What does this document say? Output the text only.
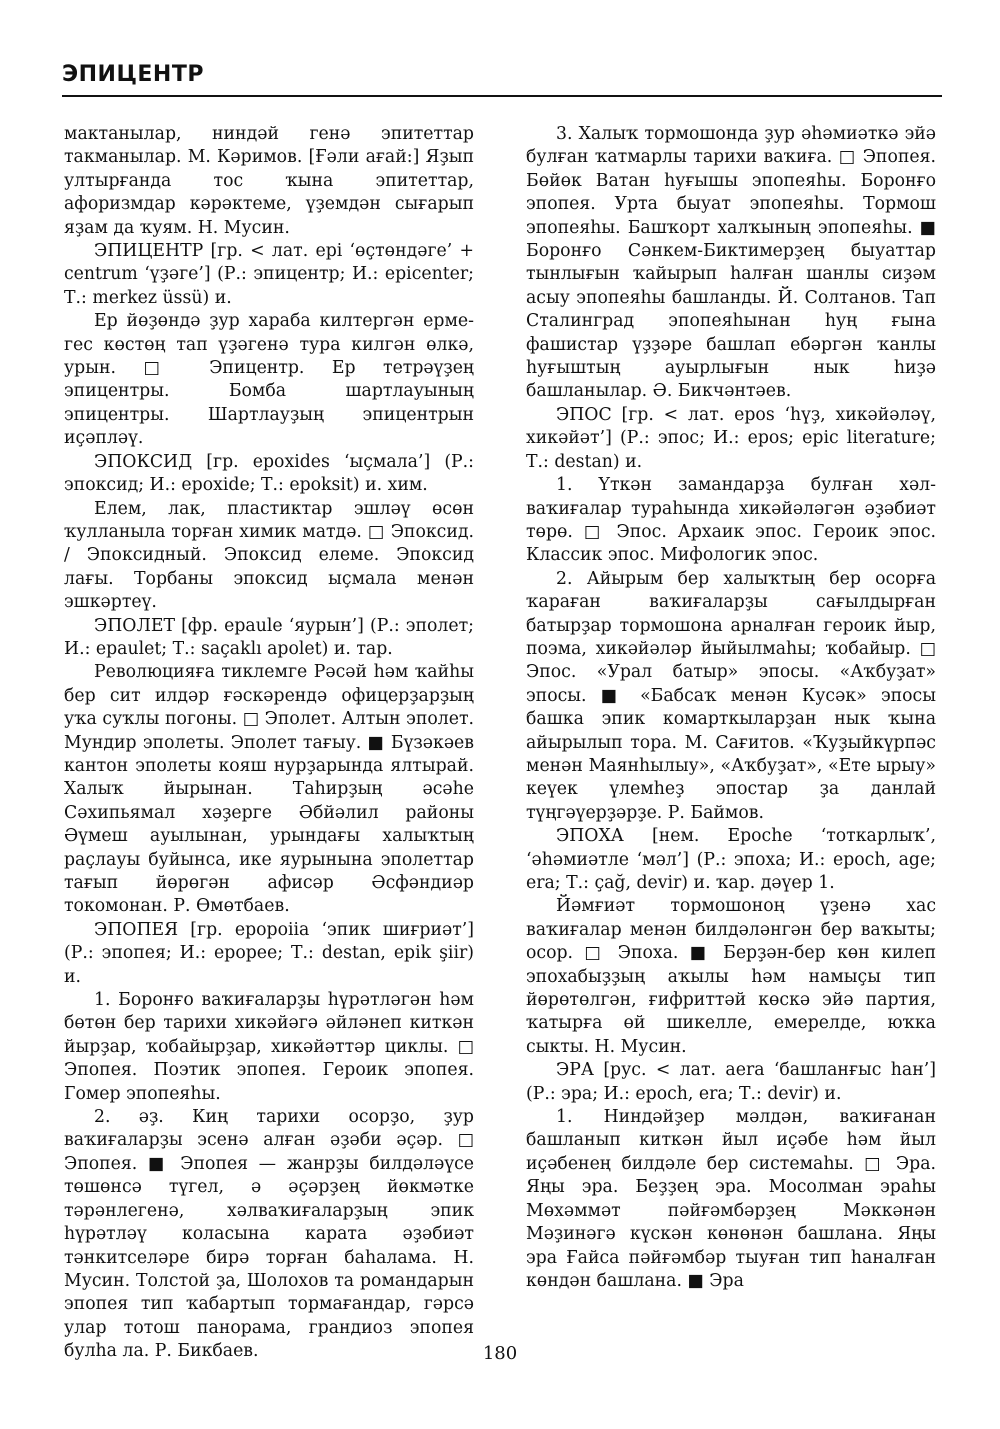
ЭПИЦЕНТР

мактанылар, ниндәй генә эпитеттар такманылар. М. Кәримов. [Ғәли ағай:] Яҙып ултырғанда тос ҡына эпитеттар, афоризмдар кәрәктеме, үҙемдән сығарып яҙам да ҡуям. Н. Мусин.

ЭПИЦЕНТР [гр. < лат. epi ‘өҫтөндәге’ + centrum ‘үҙәге’] (Р.: эпицентр; И.: epicenter; Т.: merkez üssü) и.

Ер йөҙөндә ҙур хараба килтергән ермегес көстөң тап үҙәгенә тура килгән өлкә, урын. □ Эпицентр. Ер тетрәүҙең эпицентры. Бомба шартлауының эпицентры. Шартлауҙың эпицентрын иҫәпләү.

ЭПОКСИД [гр. epoxides ‘ыҫмала’] (Р.: эпоксид; И.: epoxide; Т.: epoksit) и. хим.

Елем, лак, пластиктар эшләү өсөн ҡулланыла торған химик матдә. □ Эпоксид. / Эпоксидный. Эпоксид елеме. Эпоксид лағы. Торбаны эпоксид ыҫмала менән эшкәртеү.

ЭПОЛЕТ [фр. epaule ‘яурын’] (Р.: эполет; И.: epaulet; Т.: saçaklı apolet) и. тар.

Революцияға тиклемге Рәсәй һәм ҡайһы бер сит илдәр ғәскәрендә офицерҙарҙың уҡа суҡлы погоны. □ Эполет. Алтын эполет. Мундир эполеты. Эполет тағыу. ■ Бүзәкәев кантон эполеты кояш нурҙарында ялтырай. Халыҡ йырынан. Таһирҙың әсәһе Сәхипьямал хәҙерге Әбйәлил районы Әүмеш ауылынан, урындағы халыҡтың раҫлауы буйынса, ике яурынына эполеттар тағып йөрөгән афисәр Әсфәндиәр токомонан. Р. Өмөтбаев.

ЭПОПЕЯ [гр. epopoiia ‘эпик шиғриәт’] (Р.: эпопея; И.: epopee; Т.: destan, epik şiir) и.

1. Боронғо ваҡиғаларҙы һүрәтләгән һәм бөтөн бер тарихи хикәйәгә әйләнеп киткән йырҙар, ҡобайырҙар, хикәйәттәр циклы. □ Эпопея. Поэтик эпопея. Героик эпопея. Гомер эпопеяһы.

2. әҙ. Киң тарихи осорҙо, ҙур ваҡиғаларҙы эсенә алған әҙәби әҫәр. □ Эпопея. ■ Эпопея — жанрҙы билдәләүсе төшөнсә түгел, ә әҫәрҙең йөкмәтке тәрәнлегенә, хәлваҡиғаларҙың эпик һүрәтләү колаcына карата әҙәбиәт тәнкитселәре бирә торған баһалама. Н. Мусин. Толстой ҙа, Шолохов та романдарын эпопея тип ҡабартып тормағандар, гәрсә улар тотош панорама, грандиоз эпопея булһа ла. Р. Бикбаев.

3. Халыҡ тормошонда ҙур әһәмиәткә эйә булған ҡатмарлы тарихи ваҡиға. □ Эпопея. Бөйөк Ватан һуғышы эпопеяһы. Боронғо эпопея. Урта быуат эпопеяһы. Тормош эпопеяһы. Башҡорт халҡының эпопеяһы. ■ Боронғо Сәнкем-Биктимерҙең быуаттар тынлығын ҡайырып һалған шанлы сиҙәм асыу эпопеяһы башланды. Й. Солтанов. Тап Сталинград эпопеяһынан һуң ғына фашистар үҙҙәре башлап ебәргән ҡанлы һуғыштың ауырлығын нык һиҙә башланылар. Ә. Бикчәнтәев.

ЭПОС [гр. < лат. epos ‘һүҙ, хикәйәләү, хикәйәт’] (Р.: эпос; И.: epos; epic literature; Т.: destan) и.

1. Үткән замандарҙа булған хәл-ваҡиғалар тураһында хикәйәләгән әҙәбиәт төрө. □ Эпос. Архаик эпос. Героик эпос. Классик эпос. Мифологик эпос.

2. Айырым бер халыҡтың бер осорға ҡараған ваҡиғаларҙы сағылдырған батырҙар тормошона арналған героик йыр, поэма, хикәйәләр йыйылмаһы; ҡобайыр. □ Эпос. «Урал батыр» эпосы. «Аҡбуҙат» эпосы. ■ «Бабсаҡ менән Кусәк» эпосы башка эпик комарткыларҙан нык ҡына айырылып тора. М. Сағитов. «Ҡуҙыйкүрпәс менән Маянһылыу», «Аҡбуҙат», «Ете ырыу» кеүек үлемһеҙ эпостар ҙа данлай түңгәүерҙәрҙе. Р. Баймов.

ЭПОХА [нем. Epoche ‘тоткарлыҡ’, ‘әһәмиәтле ‘мәл’] (Р.: эпоха; И.: epoch, age; era; Т.: çağ, devir) и. ҡар. дәүер 1.

Йәмғиәт тормошоноң үҙенә хас ваҡиғалар менән билдәләнгән бер ваҡыты; осор. □ Эпоха. ■ Берҙән-бер көн килеп эпохабыҙҙың аҡылы һәм намыҫы тип йөрөтөлгән, ғифриттәй көскә эйә партия, ҡатырға өй шикелле, емерелде, юҡка сыкты. Н. Мусин.

ЭРА [рус. < лат. aera ‘башланғыс һан’] (Р.: эра; И.: epoch, era; Т.: devir) и.

1. Ниндәйҙер мәлдән, ваҡиғанан башланып киткән йыл иҫәбе һәм йыл иҫәбенең билдәле бер системаһы. □ Эра. Яңы эра. Беҙҙең эра. Мосолман эраһы Мөхәммәт пәйғәмбәрҙең Мәккәнән Мәҙинәгә күскән көнөнән башлана. Яңы эра Ғайса пәйғәмбәр тыуған тип һаналған көндән башлана. ■ Эра

180
